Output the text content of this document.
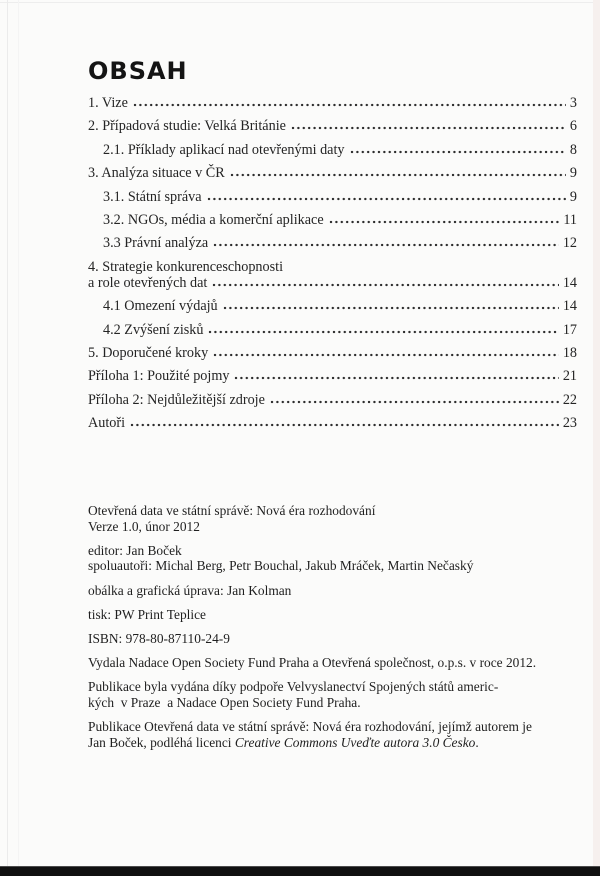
OBSAH
1. Vize	3
2. Případová studie: Velká Británie	6
2.1. Příklady aplikací nad otevřenými daty	8
3. Analýza situace v ČR	9
3.1. Státní správa	9
3.2. NGOs, média a komerční aplikace	11
3.3 Právní analýza	12
4. Strategie konkurenceschopnosti
a role otevřených dat	14
4.1 Omezení výdajů	14
4.2 Zvýšení zisků	17
5. Doporučené kroky	18
Příloha 1: Použité pojmy	21
Příloha 2: Nejdůležitější zdroje	22
Autoři	23

Otevřená data ve státní správě: Nová éra rozhodování
Verze 1.0, únor 2012

editor: Jan Boček
spoluautoři: Michal Berg, Petr Bouchal, Jakub Mráček, Martin Nečaský

obálka a grafická úprava: Jan Kolman

tisk: PW Print Teplice

ISBN: 978-80-87110-24-9

Vydala Nadace Open Society Fund Praha a Otevřená společnost, o.p.s. v roce 2012.

Publikace byla vydána díky podpoře Velvyslanectví Spojených států americ-
kých  v Praze  a Nadace Open Society Fund Praha.

Publikace Otevřená data ve státní správě: Nová éra rozhodování, jejímž autorem je
Jan Boček, podléhá licenci Creative Commons Uveďte autora 3.0 Česko.
